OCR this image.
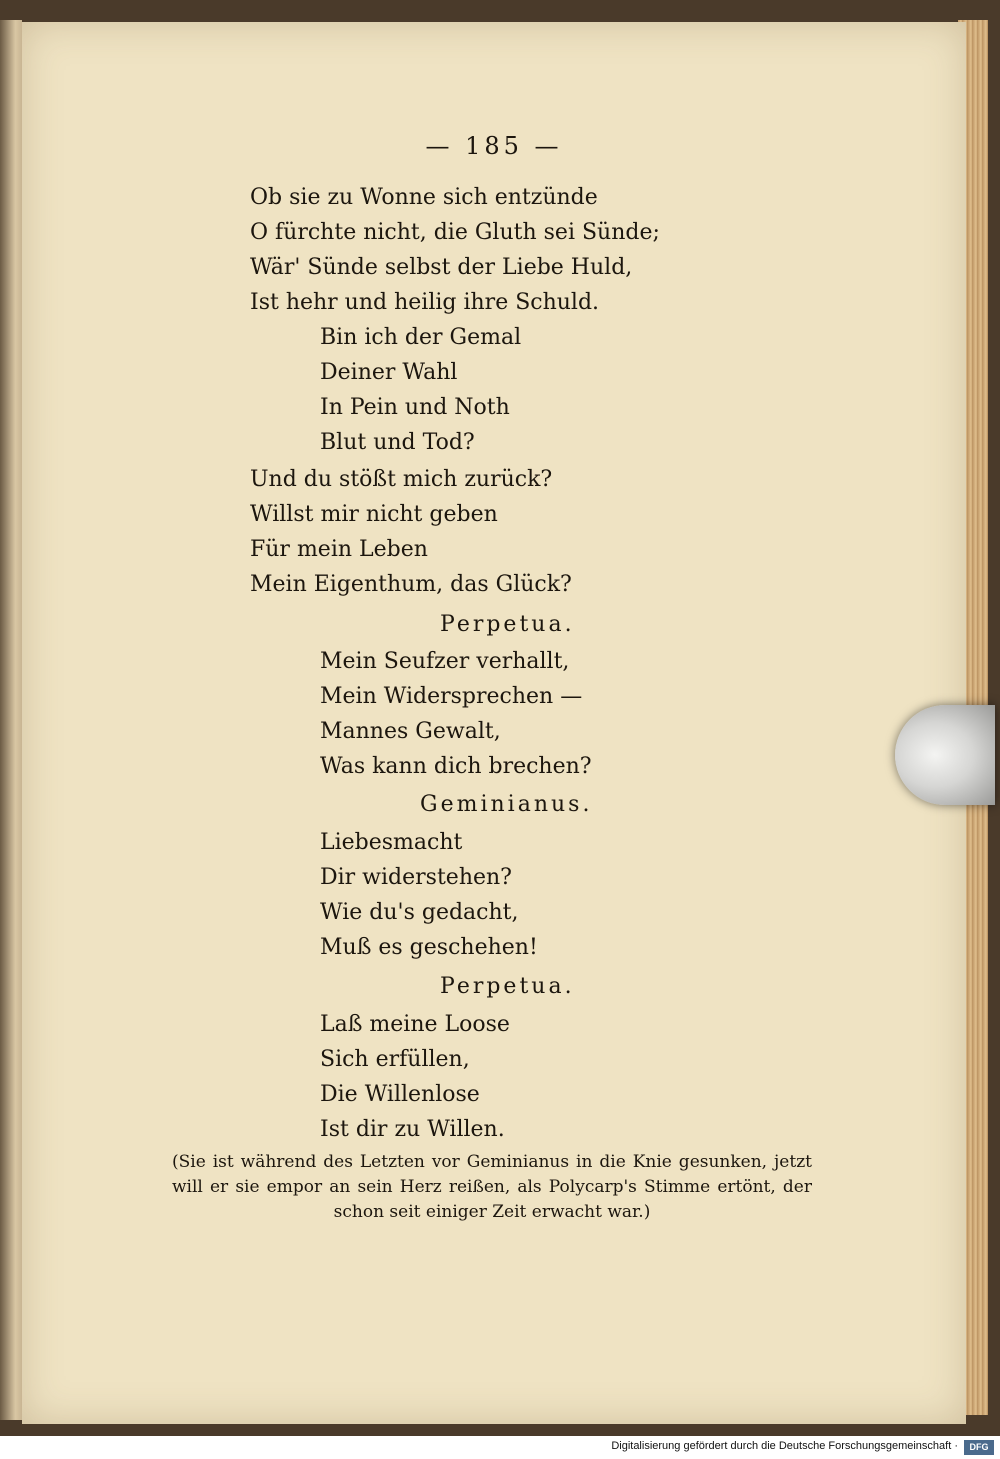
— 185 —
Ob sie zu Wonne sich entzünde
O fürchte nicht, die Gluth sei Sünde;
Wär' Sünde selbst der Liebe Huld,
Ist hehr und heilig ihre Schuld.
Bin ich der Gemal
Deiner Wahl
In Pein und Noth
Blut und Tod?
Und du stößt mich zurück?
Willst mir nicht geben
Für mein Leben
Mein Eigenthum, das Glück?
Perpetua.
Mein Seufzer verhallt,
Mein Widersprechen —
Mannes Gewalt,
Was kann dich brechen?
Geminianus.
Liebesmacht
Dir widerstehen?
Wie du's gedacht,
Muß es geschehen!
Perpetua.
Laß meine Loose
Sich erfüllen,
Die Willenlose
Ist dir zu Willen.
(Sie ist während des Letzten vor Geminianus in die Knie gesunken, jetzt will er sie empor an sein Herz reißen, als Polycarp's Stimme ertönt, der schon seit einiger Zeit erwacht war.)
Digitalisierung gefördert durch die Deutsche Forschungsgemeinschaft ·	DFG
